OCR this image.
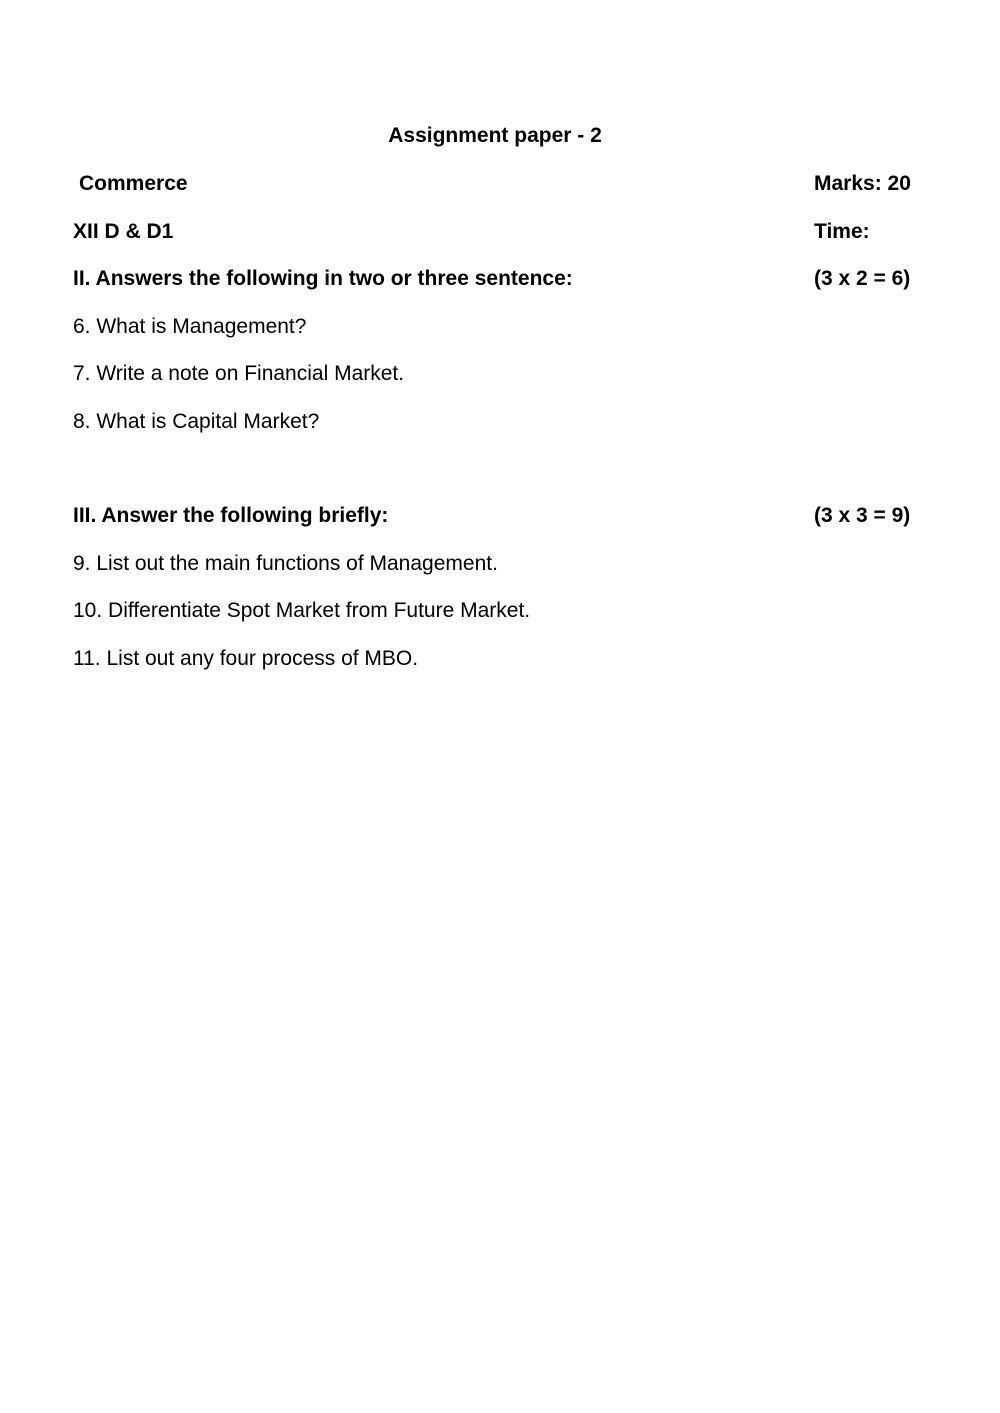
Assignment paper - 2
Commerce	Marks: 20
XII D & D1	Time:
II. Answers the following in two or three sentence:	(3 x 2 = 6)
6. What is Management?
7. Write a note on Financial Market.
8. What is Capital Market?
III. Answer the following briefly:	(3 x 3 = 9)
9. List out the main functions of Management.
10. Differentiate Spot Market from Future Market.
11. List out any four process of MBO.
